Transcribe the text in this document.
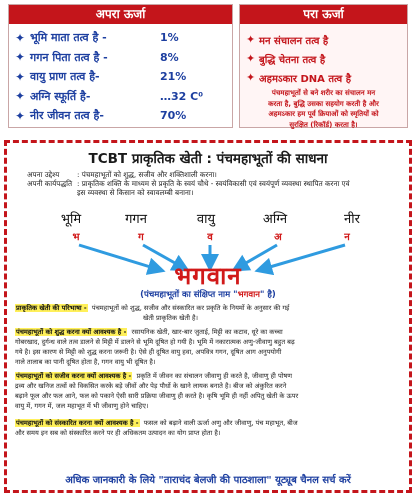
अपरा ऊर्जा
✦ भूमि माता तत्व है -	1%
✦ गगन पिता तत्व है -	8%
✦ वायु प्राण तत्व है-	21%
✦ अग्नि स्फूर्ति है-	…32 C⁰
✦ नीर जीवन तत्व है-	70%
परा ऊर्जा
✦ मन संचालन तत्व है
✦ बुद्धि चेतना तत्व है
✦ अहमऽकार DNA तत्व है
पंचमहाभूतों से बने शरीर का संचालन मन
करता है, बुद्धि उसका सहयोग करती है और
अहमऽकार हम पूर्व क्रियाओं को स्मृतियों को
सुरक्षित (रिकॉर्ड) करता है।
TCBT प्राकृतिक खेती : पंचमहाभूतों की साधना
अपना उद्देश्य : पंचमहाभूतों को शुद्ध, सजीव और शक्तिशाली करना।
अपनी कार्यपद्धति : प्राकृतिक शक्ति के माध्यम से प्रकृति के स्वयं चौथे - स्वयंविकासी एवं स्वयंपूर्ण व्यवस्था स्थापित करना एवं
इस व्यवस्था से किसान को स्वावलम्बी बनाना।
भूमि	गगन	वायु	अग्नि	नीर
भ	ग	व	अ	न
भगवान
(पंचमहाभूतों का संक्षिप्त नाम "भगवान" है)
प्राकृतिक खेती की परिभाषा - पंचमहाभूतों को शुद्ध, सजीव और संस्कारित कर प्रकृति के नियमों के अनुसार की गई
खेती प्राकृतिक खेती है।
पंचमहाभूतों को शुद्ध करना क्यों आवश्यक है - रसायनिक खेती, खार-बार जुताई, मिट्टी का कटाव, धूरे का कच्चा
गोबरखाद, दुर्गन्ध वाले तत्व डालने से मिट्टी में डालने से भूमि दूषित हो गयी है। भूमि में नकारात्मक अणु-जीवाणु बहुत बढ़
गये है। इस कारण से मिट्टी को शुद्ध करना जरूरी है। ऐसे ही दूषित वायु हवा, अपवित्र गगन, दूषित आग अनुपयोगी
नाले तालाब का पानी दूषित होता है, गगन वायु भी दूषित है।
पंचमहाभूतों को सजीव करना क्यों आवश्यक है - प्रकृति में जीवन का संचालन जीवाणु ही करते है, जीवाणु ही पोषण
द्रव्य और खनिज तत्वों को विकसित करके बड़े जीवों और पेड़ पौधों के खाने लायक बनाते है। बीज को अंकुरित करने
बढ़ाने फूल और फल आने, फल को पकाने ऐसी सारी प्रक्रिया जीवाणु ही करते है। कृषि भूमि ही नहीं अपितु खेती के ऊपर
वायु में, गगन में, जल महाभूत में भी जीवाणु होने चाहिए।
पंचमहाभूतों को संस्कारित करना क्यों आवश्यक है - फसल को बढ़ाने वाली ऊर्जा अणु और जीवाणु, पंच महाभूत, बीज
और समय इन सब को संस्कारित करने पर ही अधिकतम उत्पादन का योग प्राप्त होता है।
अधिक जानकारी के लिये "ताराचंद बेलजी की पाठशाला" यूट्यूब चैनल सर्च करें
